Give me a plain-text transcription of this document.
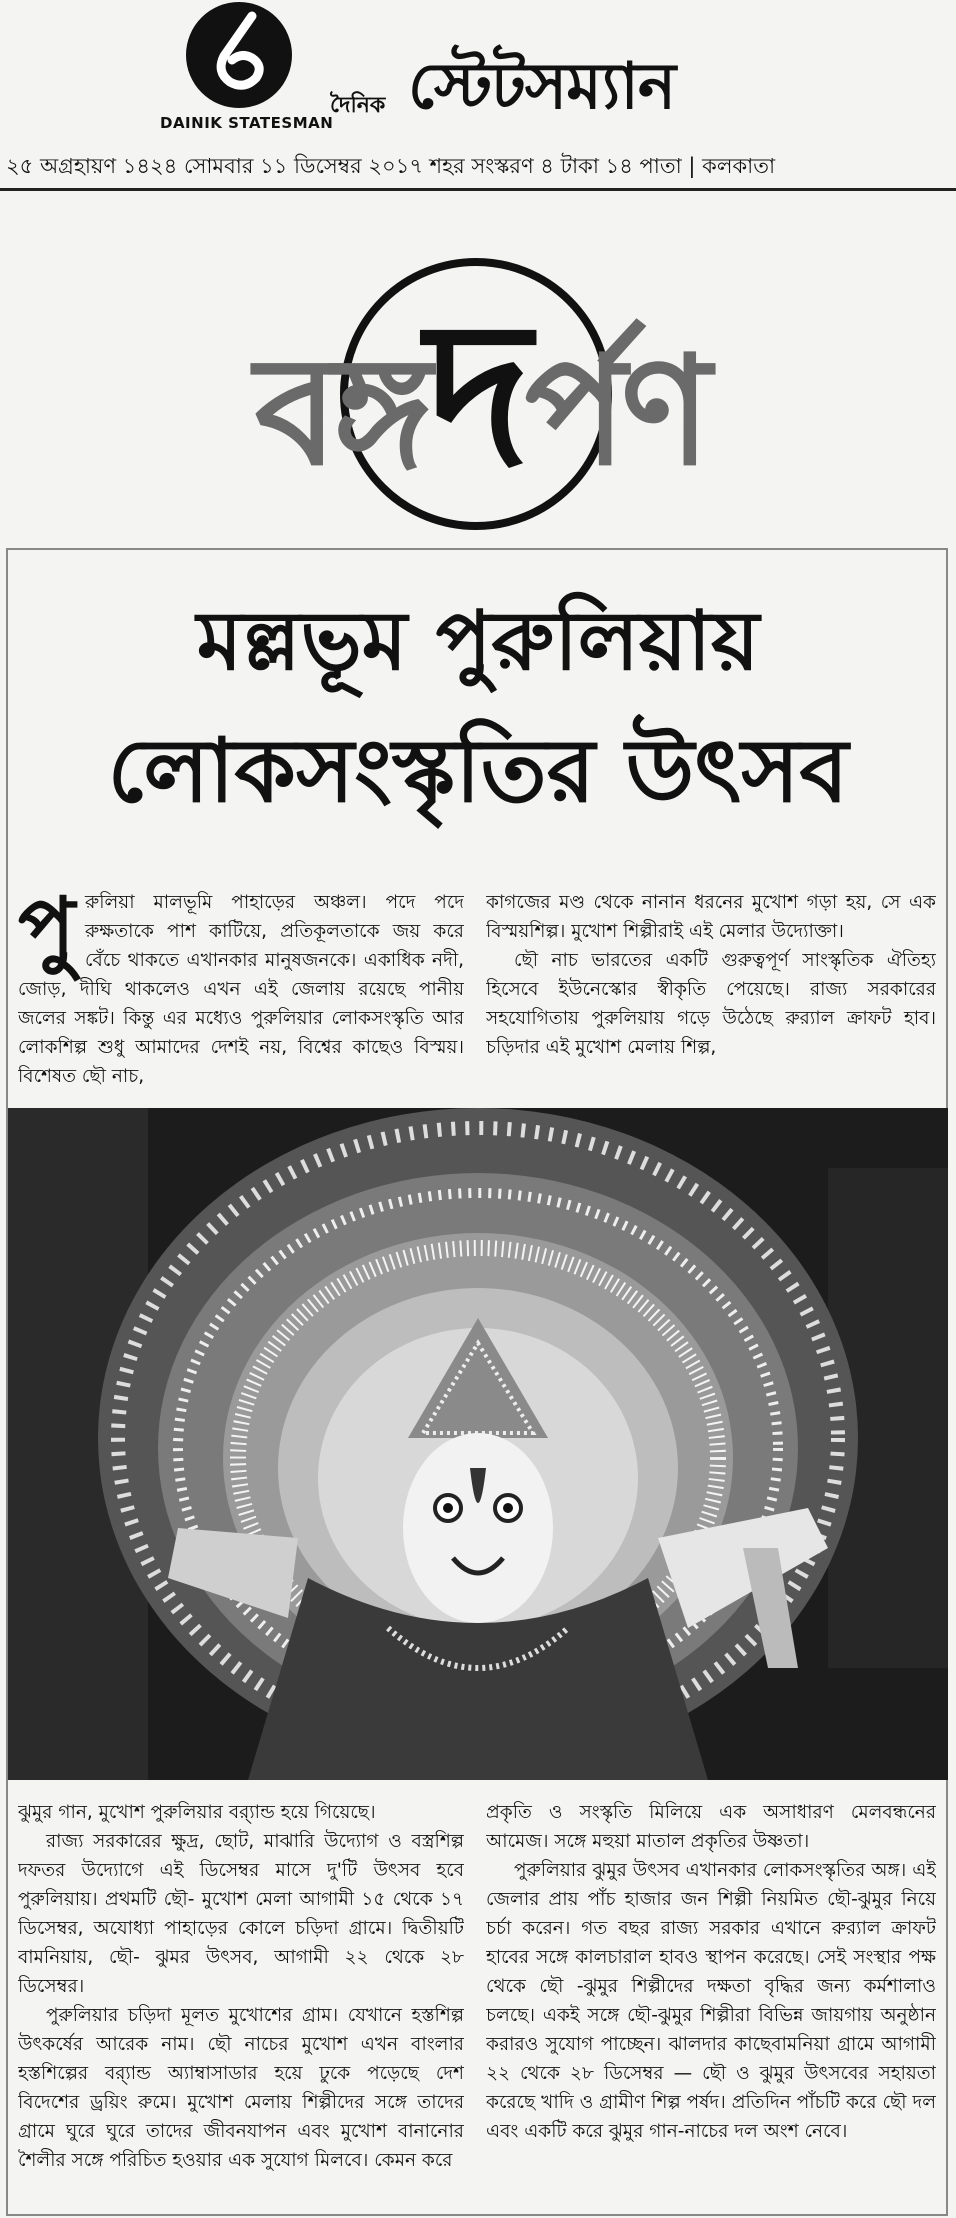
DAINIK STATESMAN
দৈনিক স্টেটসম্যান
২৫ অগ্রহায়ণ ১৪২৪ সোমবার ১১ ডিসেম্বর ২০১৭ শহর সংস্করণ ৪ টাকা ১৪ পাতা | কলকাতা
বঙ্গদর্পণ
মল্লভূম পুরুলিয়ায়
লোকসংস্কৃতির উৎসব

পুরুলিয়া মালভূমি পাহাড়ের অঞ্চল। পদে পদে রুক্ষতাকে পাশ কাটিয়ে, প্রতিকূলতাকে জয় করে বেঁচে থাকতে এখানকার মানুষজনকে। একাধিক নদী, জোড়, দীঘি থাকলেও এখন এই জেলায় রয়েছে পানীয় জলের সঙ্কট। কিন্তু এর মধ্যেও পুরুলিয়ার লোকসংস্কৃতি আর লোকশিল্প শুধু আমাদের দেশই নয়, বিশ্বের কাছেও বিস্ময়। বিশেষত ছৌ নাচ,

কাগজের মণ্ড থেকে নানান ধরনের মুখোশ গড়া হয়, সে এক বিস্ময়শিল্প। মুখোশ শিল্পীরাই এই মেলার উদ্যোক্তা।

ছৌ নাচ ভারতের একটি গুরুত্বপূর্ণ সাংস্কৃতিক ঐতিহ্য হিসেবে ইউনেস্কোর স্বীকৃতি পেয়েছে। রাজ্য সরকারের সহযোগিতায় পুরুলিয়ায় গড়ে উঠেছে রুর‍্যাল ক্রাফট হাব। চড়িদার এই মুখোশ মেলায় শিল্প,

ঝুমুর গান, মুখোশ পুরুলিয়ার ব্র‍্যান্ড হয়ে গিয়েছে।

রাজ্য সরকারের ক্ষুদ্র, ছোট, মাঝারি উদ্যোগ ও বস্ত্রশিল্প দফতর উদ্যোগে এই ডিসেম্বর মাসে দু'টি উৎসব হবে পুরুলিয়ায়। প্রথমটি ছৌ- মুখোশ মেলা আগামী ১৫ থেকে ১৭ ডিসেম্বর, অযোধ্যা পাহাড়ের কোলে চড়িদা গ্রামে। দ্বিতীয়টি বামনিয়ায়, ছৌ- ঝুমর উৎসব, আগামী ২২ থেকে ২৮ ডিসেম্বর।

পুরুলিয়ার চড়িদা মূলত মুখোশের গ্রাম। যেখানে হস্তশিল্প উৎকর্ষের আরেক নাম। ছৌ নাচের মুখোশ এখন বাংলার হস্তশিল্পের ব্র‍্যান্ড অ্যাম্বাসাডার হয়ে ঢুকে পড়েছে দেশ বিদেশের ড্রয়িং রুমে। মুখোশ মেলায় শিল্পীদের সঙ্গে তাদের গ্রামে ঘুরে ঘুরে তাদের জীবনযাপন এবং মুখোশ বানানোর শৈলীর সঙ্গে পরিচিত হওয়ার এক সুযোগ মিলবে। কেমন করে

প্রকৃতি ও সংস্কৃতি মিলিয়ে এক অসাধারণ মেলবন্ধনের আমেজ। সঙ্গে মহুয়া মাতাল প্রকৃতির উষ্ণতা।

পুরুলিয়ার ঝুমুর উৎসব এখানকার লোকসংস্কৃতির অঙ্গ। এই জেলার প্রায় পাঁচ হাজার জন শিল্পী নিয়মিত ছৌ-ঝুমুর নিয়ে চর্চা করেন। গত বছর রাজ্য সরকার এখানে রুর‍্যাল ক্রাফট হাবের সঙ্গে কালচারাল হাবও স্থাপন করেছে। সেই সংস্থার পক্ষ থেকে ছৌ -ঝুমুর শিল্পীদের দক্ষতা বৃদ্ধির জন্য কর্মশালাও চলছে। একই সঙ্গে ছৌ-ঝুমুর শিল্পীরা বিভিন্ন জায়গায় অনুষ্ঠান করারও সুযোগ পাচ্ছেন। ঝালদার কাছেবামনিয়া গ্রামে আগামী ২২ থেকে ২৮ ডিসেম্বর — ছৌ ও ঝুমুর উৎসবের সহায়তা করেছে খাদি ও গ্রামীণ শিল্প পর্ষদ। প্রতিদিন পাঁচটি করে ছৌ দল এবং একটি করে ঝুমুর গান-নাচের দল অংশ নেবে।
